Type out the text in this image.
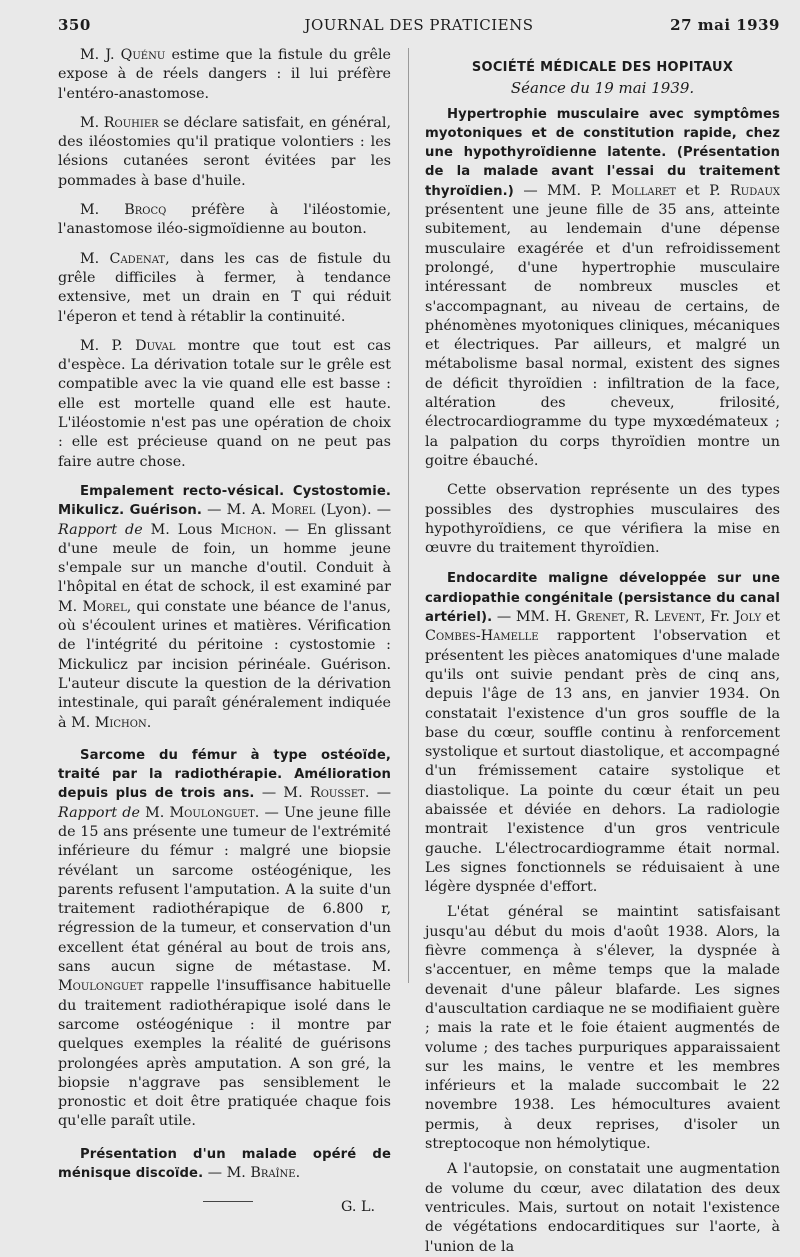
350	JOURNAL DES PRATICIENS	27 mai 1939

M. J. Quénu estime que la fistule du grêle expose à de réels dangers : il lui préfère l'entéro-anastomose.

M. Rouhier se déclare satisfait, en général, des iléostomies qu'il pratique volontiers : les lésions cutanées seront évitées par les pommades à base d'huile.

M. Brocq préfère à l'iléostomie, l'anastomose iléo-sigmoïdienne au bouton.

M. Cadenat, dans les cas de fistule du grêle difficiles à fermer, à tendance extensive, met un drain en T qui réduit l'éperon et tend à rétablir la continuité.

M. P. Duval montre que tout est cas d'espèce. La dérivation totale sur le grêle est compatible avec la vie quand elle est basse : elle est mortelle quand elle est haute. L'iléostomie n'est pas une opération de choix : elle est précieuse quand on ne peut pas faire autre chose.

Empalement recto-vésical. Cystostomie. Mikulicz. Guérison. — M. A. Morel (Lyon). — Rapport de M. Lous Michon. — En glissant d'une meule de foin, un homme jeune s'empale sur un manche d'outil. Conduit à l'hôpital en état de schock, il est examiné par M. Morel, qui constate une béance de l'anus, où s'écoulent urines et matières. Vérification de l'intégrité du péritoine : cystostomie : Mickulicz par incision périnéale. Guérison. L'auteur discute la question de la dérivation intestinale, qui paraît généralement indiquée à M. Michon.

Sarcome du fémur à type ostéoïde, traité par la radiothérapie. Amélioration depuis plus de trois ans. — M. Rousset. — Rapport de M. Moulonguet. — Une jeune fille de 15 ans présente une tumeur de l'extrémité inférieure du fémur : malgré une biopsie révélant un sarcome ostéogénique, les parents refusent l'amputation. A la suite d'un traitement radiothérapique de 6.800 r, régression de la tumeur, et conservation d'un excellent état général au bout de trois ans, sans aucun signe de métastase. M. Moulonguet rappelle l'insuffisance habituelle du traitement radiothérapique isolé dans le sarcome ostéogénique : il montre par quelques exemples la réalité de guérisons prolongées après amputation. A son gré, la biopsie n'aggrave pas sensiblement le pronostic et doit être pratiquée chaque fois qu'elle paraît utile.

Présentation d'un malade opéré de ménisque discoïde. — M. Braîne.

G. L.

SOCIÉTÉ MÉDICALE DES HOPITAUX

Séance du 19 mai 1939.

Hypertrophie musculaire avec symptômes myotoniques et de constitution rapide, chez une hypothyroïdienne latente. (Présentation de la malade avant l'essai du traitement thyroïdien.) — MM. P. Mollaret et P. Rudaux présentent une jeune fille de 35 ans, atteinte subitement, au lendemain d'une dépense musculaire exagérée et d'un refroidissement prolongé, d'une hypertrophie musculaire intéressant de nombreux muscles et s'accompagnant, au niveau de certains, de phénomènes myotoniques cliniques, mécaniques et électriques. Par ailleurs, et malgré un métabolisme basal normal, existent des signes de déficit thyroïdien : infiltration de la face, altération des cheveux, frilosité, électrocardiogramme du type myxœdémateux ; la palpation du corps thyroïdien montre un goitre ébauché.

Cette observation représente un des types possibles des dystrophies musculaires des hypothyroïdiens, ce que vérifiera la mise en œuvre du traitement thyroïdien.

Endocardite maligne développée sur une cardiopathie congénitale (persistance du canal artériel). — MM. H. Grenet, R. Levent, Fr. Joly et Combes-Hamelle rapportent l'observation et présentent les pièces anatomiques d'une malade qu'ils ont suivie pendant près de cinq ans, depuis l'âge de 13 ans, en janvier 1934. On constatait l'existence d'un gros souffle de la base du cœur, souffle continu à renforcement systolique et surtout diastolique, et accompagné d'un frémissement cataire systolique et diastolique. La pointe du cœur était un peu abaissée et déviée en dehors. La radiologie montrait l'existence d'un gros ventricule gauche. L'électrocardiogramme était normal. Les signes fonctionnels se réduisaient à une légère dyspnée d'effort.

L'état général se maintint satisfaisant jusqu'au début du mois d'août 1938. Alors, la fièvre commença à s'élever, la dyspnée à s'accentuer, en même temps que la malade devenait d'une pâleur blafarde. Les signes d'auscultation cardiaque ne se modifiaient guère ; mais la rate et le foie étaient augmentés de volume ; des taches purpuriques apparaissaient sur les mains, le ventre et les membres inférieurs et la malade succombait le 22 novembre 1938. Les hémocultures avaient permis, à deux reprises, d'isoler un streptocoque non hémolytique.

A l'autopsie, on constatait une augmentation de volume du cœur, avec dilatation des deux ventricules. Mais, surtout on notait l'existence de végétations endocarditiques sur l'aorte, à l'union de la
